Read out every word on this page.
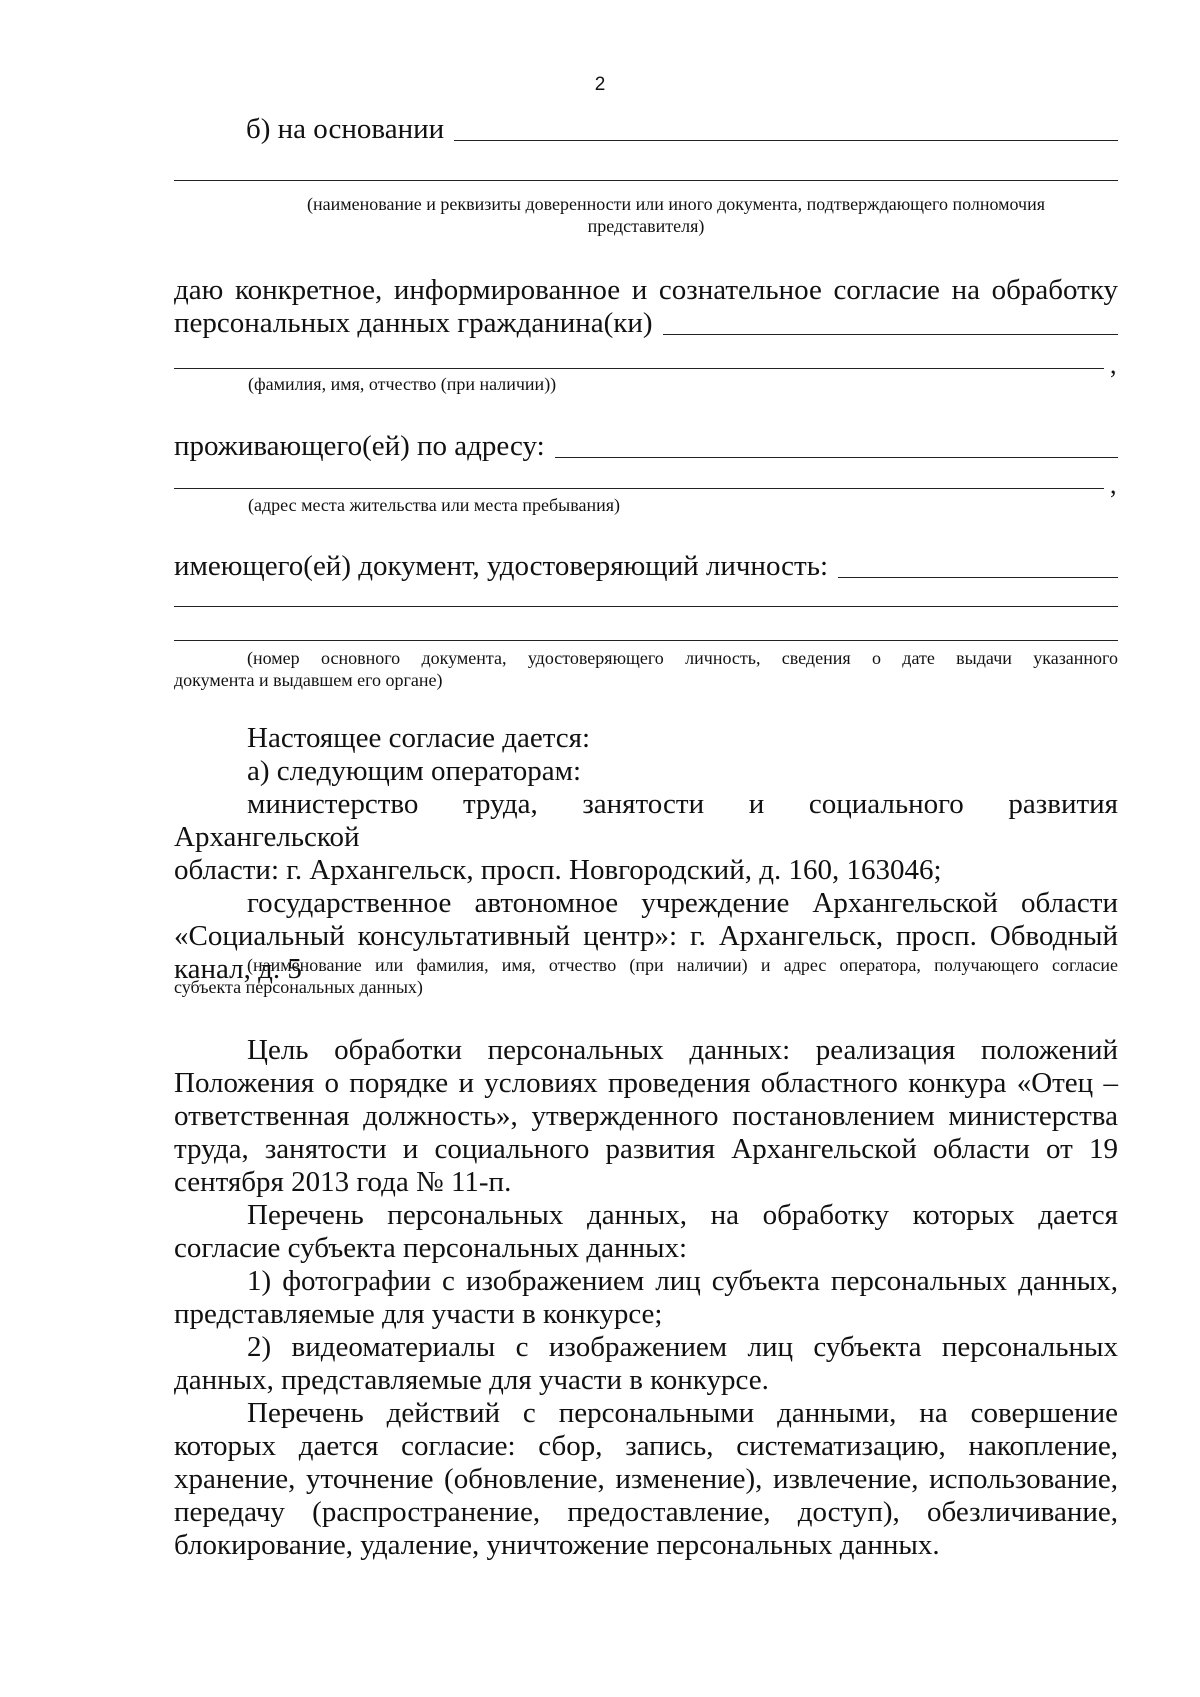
2
б) на основании
(наименование и реквизиты доверенности или иного документа, подтверждающего полномочия
представителя)
даю конкретное, информированное и сознательное согласие на обработку
персональных данных гражданина(ки)
,
(фамилия, имя, отчество (при наличии))
проживающего(ей) по адресу:
,
(адрес места жительства или места пребывания)
имеющего(ей) документ, удостоверяющий личность:
(номер основного документа, удостоверяющего личность, сведения о дате выдачи указанного
документа и выдавшем его органе)

Настоящее согласие дается:

а) следующим операторам:

министерство труда, занятости и социального развития Архангельской

области: г. Архангельск, просп. Новгородский, д. 160, 163046;

государственное автономное учреждение Архангельской области

«Социальный консультативный центр»: г. Архангельск, просп. Обводный

канал, д. 5

(наименование или фамилия, имя, отчество (при наличии) и адрес оператора, получающего согласие
субъекта персональных данных)

Цель обработки персональных данных: реализация положений Положения о порядке и условиях проведения областного конкура «Отец – ответственная должность», утвержденного постановлением министерства труда, занятости и социального развития Архангельской области от 19 сентября 2013 года № 11-п.

Перечень персональных данных, на обработку которых дается согласие субъекта персональных данных:

1) фотографии с изображением лиц субъекта персональных данных, представляемые для участи в конкурсе;

2) видеоматериалы с изображением лиц субъекта персональных данных, представляемые для участи в конкурсе.

Перечень действий с персональными данными, на совершение которых дается согласие: сбор, запись, систематизацию, накопление, хранение, уточнение (обновление, изменение), извлечение, использование, передачу (распространение, предоставление, доступ), обезличивание, блокирование, удаление, уничтожение персональных данных.
